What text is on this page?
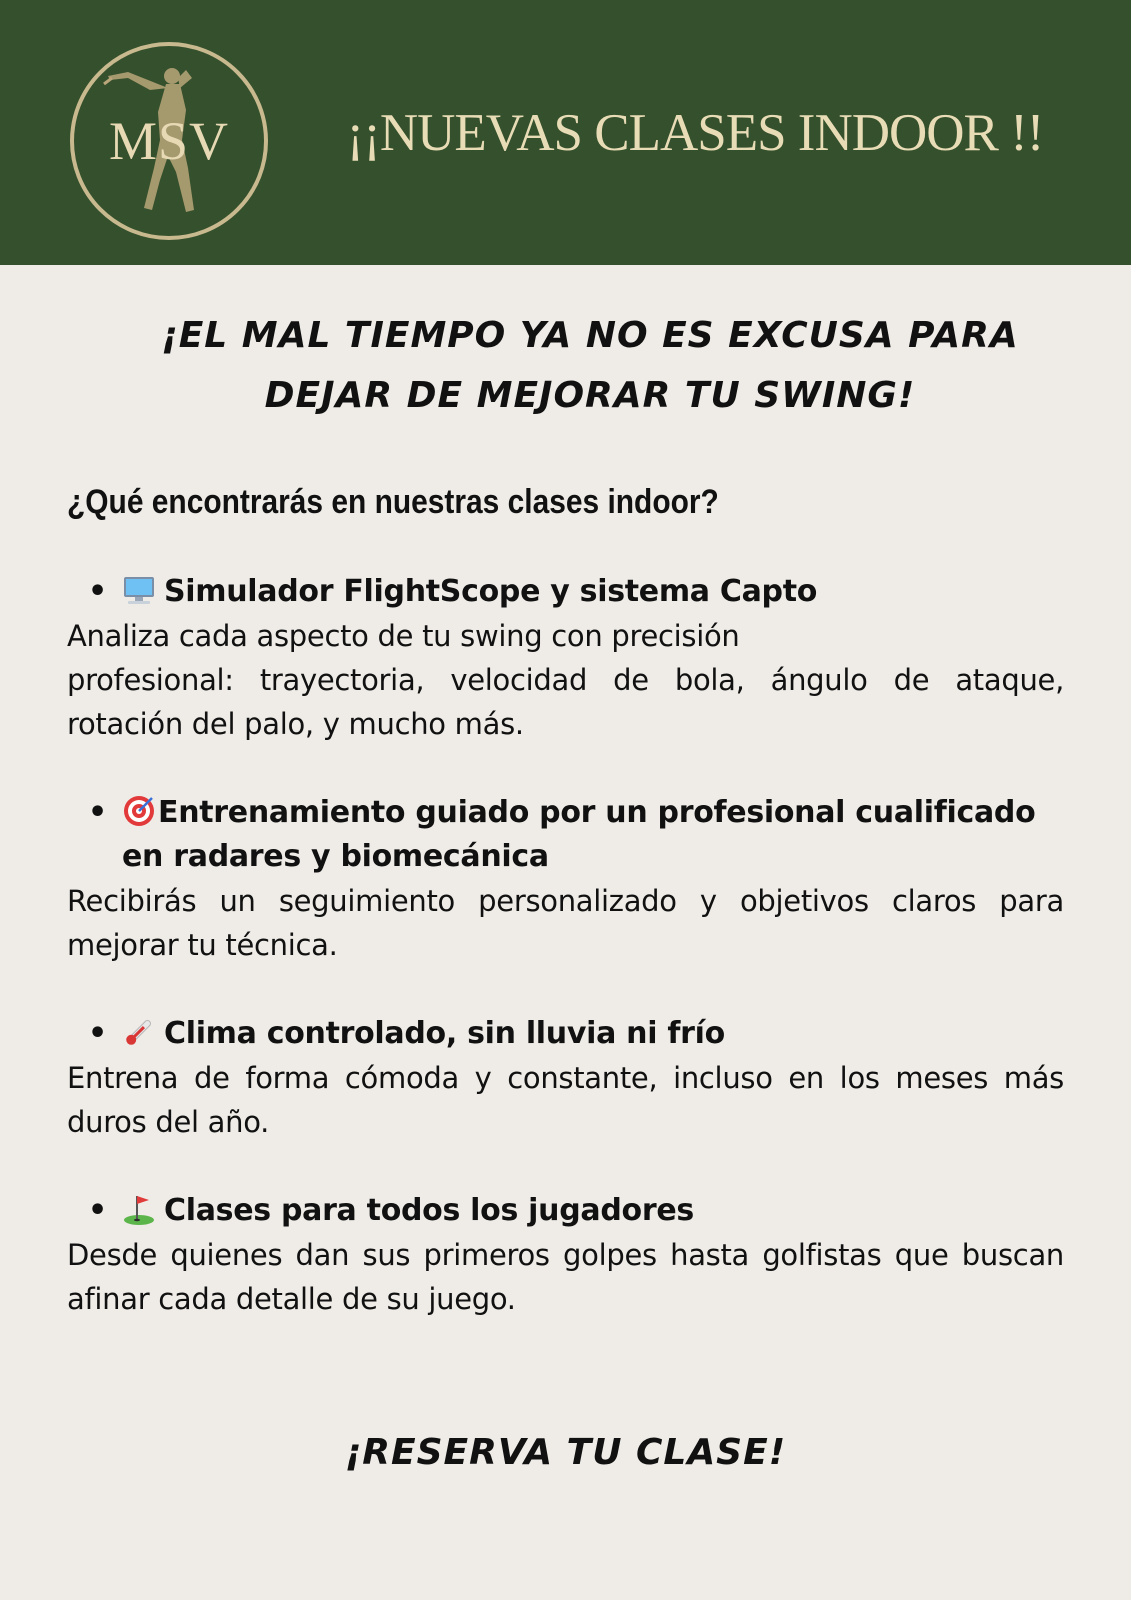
MSV	¡¡NUEVAS CLASES INDOOR !!
¡EL MAL TIEMPO YA NO ES EXCUSA PARA
DEJAR DE MEJORAR TU SWING!
¿Qué encontrarás en nuestras clases indoor?
•	Simulador FlightScope y sistema Capto
Analiza cada aspecto de tu swing con precisión
profesional: trayectoria, velocidad de bola, ángulo de ataque, rotación del palo, y mucho más.
•	Entrenamiento guiado por un profesional cualificado en radares y biomecánica
Recibirás un seguimiento personalizado y objetivos claros para mejorar tu técnica.
•	Clima controlado, sin lluvia ni frío
Entrena de forma cómoda y constante, incluso en los meses más duros del año.
•	Clases para todos los jugadores
Desde quienes dan sus primeros golpes hasta golfistas que buscan afinar cada detalle de su juego.
¡RESERVA TU CLASE!
